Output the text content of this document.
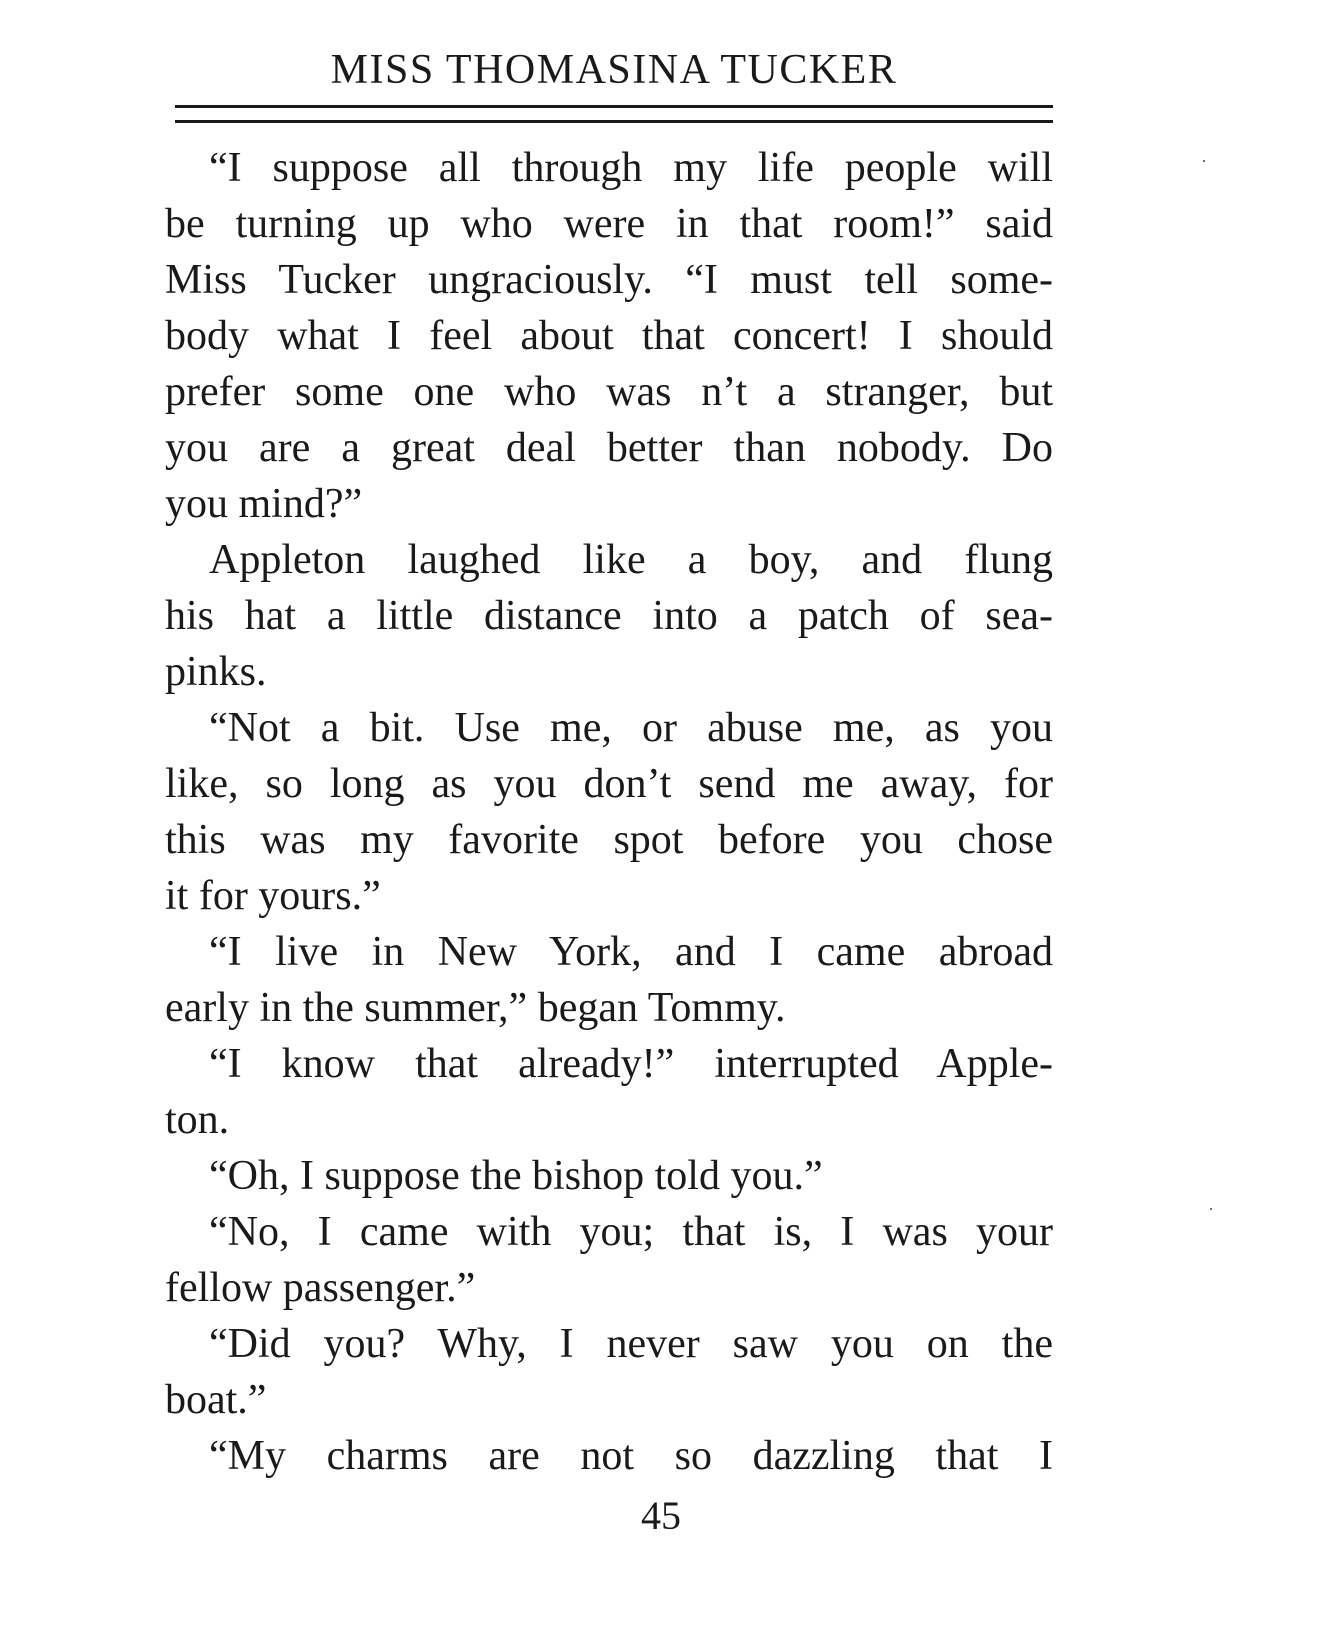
MISS THOMASINA TUCKER
“I suppose all through my life people will
be turning up who were in that room!” said
Miss Tucker ungraciously. “I must tell some-
body what I feel about that concert! I should
prefer some one who was n’t a stranger, but
you are a great deal better than nobody. Do
you mind?”
Appleton laughed like a boy, and flung
his hat a little distance into a patch of sea-
pinks.
“Not a bit. Use me, or abuse me, as you
like, so long as you don’t send me away, for
this was my favorite spot before you chose
it for yours.”
“I live in New York, and I came abroad
early in the summer,” began Tommy.
“I know that already!” interrupted Apple-
ton.
“Oh, I suppose the bishop told you.”
“No, I came with you; that is, I was your
fellow passenger.”
“Did you? Why, I never saw you on the
boat.”
“My charms are not so dazzling that I
45
